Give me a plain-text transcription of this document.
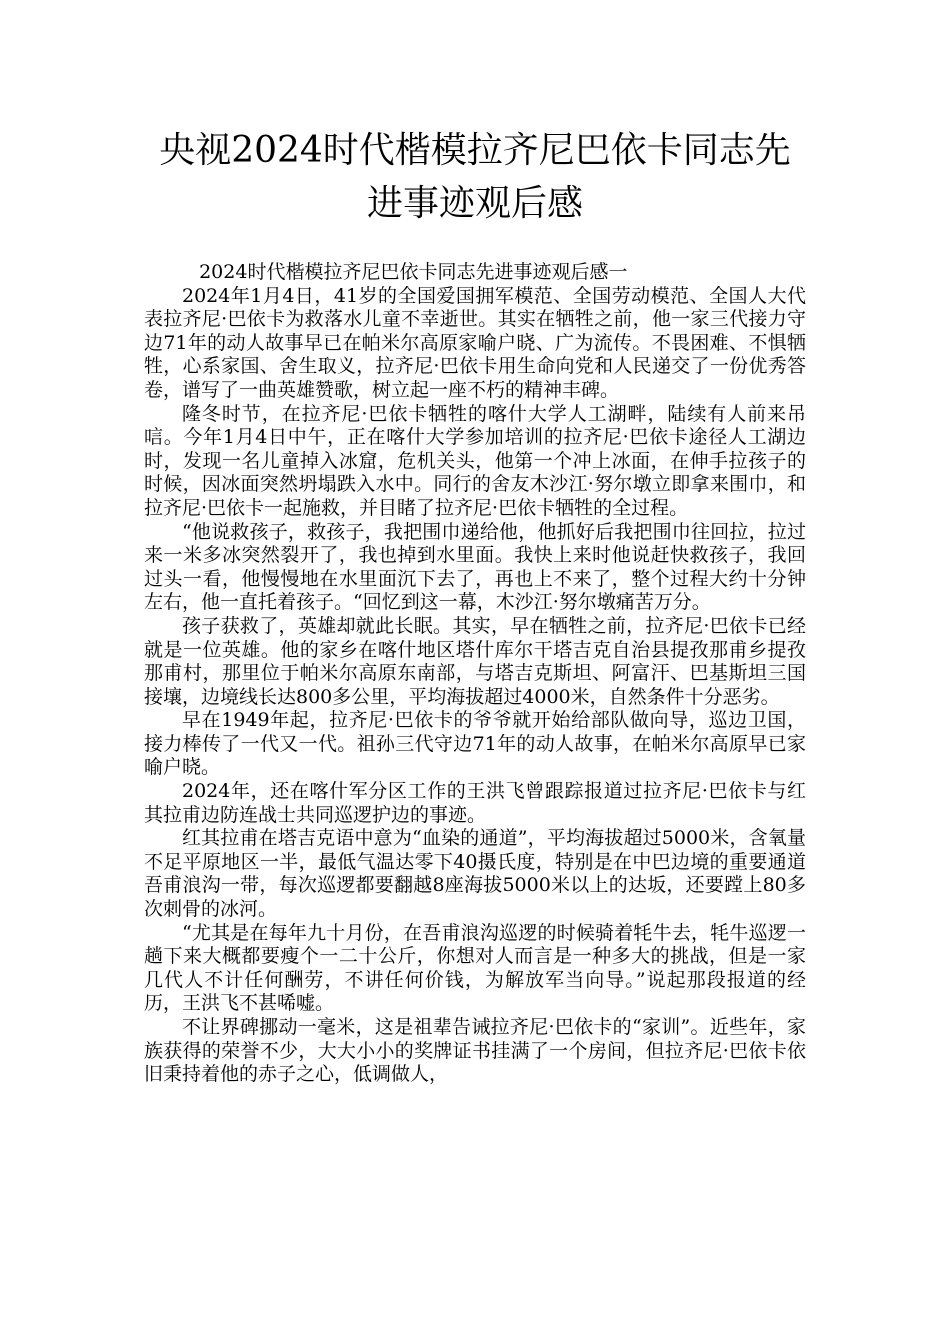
央视2024时代楷模拉齐尼巴依卡同志先进事迹观后感

2024时代楷模拉齐尼巴依卡同志先进事迹观后感一

2024年1月4日，41岁的全国爱国拥军模范、全国劳动模范、全国人大代表拉齐尼·巴依卡为救落水儿童不幸逝世。其实在牺牲之前，他一家三代接力守边71年的动人故事早已在帕米尔高原家喻户晓、广为流传。不畏困难、不惧牺牲，心系家国、舍生取义，拉齐尼·巴依卡用生命向党和人民递交了一份优秀答卷，谱写了一曲英雄赞歌，树立起一座不朽的精神丰碑。

隆冬时节，在拉齐尼·巴依卡牺牲的喀什大学人工湖畔，陆续有人前来吊唁。今年1月4日中午，正在喀什大学参加培训的拉齐尼·巴依卡途径人工湖边时，发现一名儿童掉入冰窟，危机关头，他第一个冲上冰面，在伸手拉孩子的时候，因冰面突然坍塌跌入水中。同行的舍友木沙江·努尔墩立即拿来围巾，和拉齐尼·巴依卡一起施救，并目睹了拉齐尼·巴依卡牺牲的全过程。

“他说救孩子，救孩子，我把围巾递给他，他抓好后我把围巾往回拉，拉过来一米多冰突然裂开了，我也掉到水里面。我快上来时他说赶快救孩子，我回过头一看，他慢慢地在水里面沉下去了，再也上不来了，整个过程大约十分钟左右，他一直托着孩子。“回忆到这一幕，木沙江·努尔墩痛苦万分。

孩子获救了，英雄却就此长眠。其实，早在牺牲之前，拉齐尼·巴依卡已经就是一位英雄。他的家乡在喀什地区塔什库尔干塔吉克自治县提孜那甫乡提孜那甫村，那里位于帕米尔高原东南部，与塔吉克斯坦、阿富汗、巴基斯坦三国接壤，边境线长达800多公里，平均海拔超过4000米，自然条件十分恶劣。

早在1949年起，拉齐尼·巴依卡的爷爷就开始给部队做向导，巡边卫国，接力棒传了一代又一代。祖孙三代守边71年的动人故事，在帕米尔高原早已家喻户晓。

2024年，还在喀什军分区工作的王洪飞曾跟踪报道过拉齐尼·巴依卡与红其拉甫边防连战士共同巡逻护边的事迹。

红其拉甫在塔吉克语中意为“血染的通道”，平均海拔超过5000米，含氧量不足平原地区一半，最低气温达零下40摄氏度，特别是在中巴边境的重要通道吾甫浪沟一带，每次巡逻都要翻越8座海拔5000米以上的达坂，还要蹚上80多次刺骨的冰河。

“尤其是在每年九十月份，在吾甫浪沟巡逻的时候骑着牦牛去，牦牛巡逻一趟下来大概都要瘦个一二十公斤，你想对人而言是一种多大的挑战，但是一家几代人不计任何酬劳，不讲任何价钱，为解放军当向导。”说起那段报道的经历，王洪飞不甚唏嘘。

不让界碑挪动一毫米，这是祖辈告诫拉齐尼·巴依卡的“家训”。近些年，家族获得的荣誉不少，大大小小的奖牌证书挂满了一个房间，但拉齐尼·巴依卡依旧秉持着他的赤子之心，低调做人，
